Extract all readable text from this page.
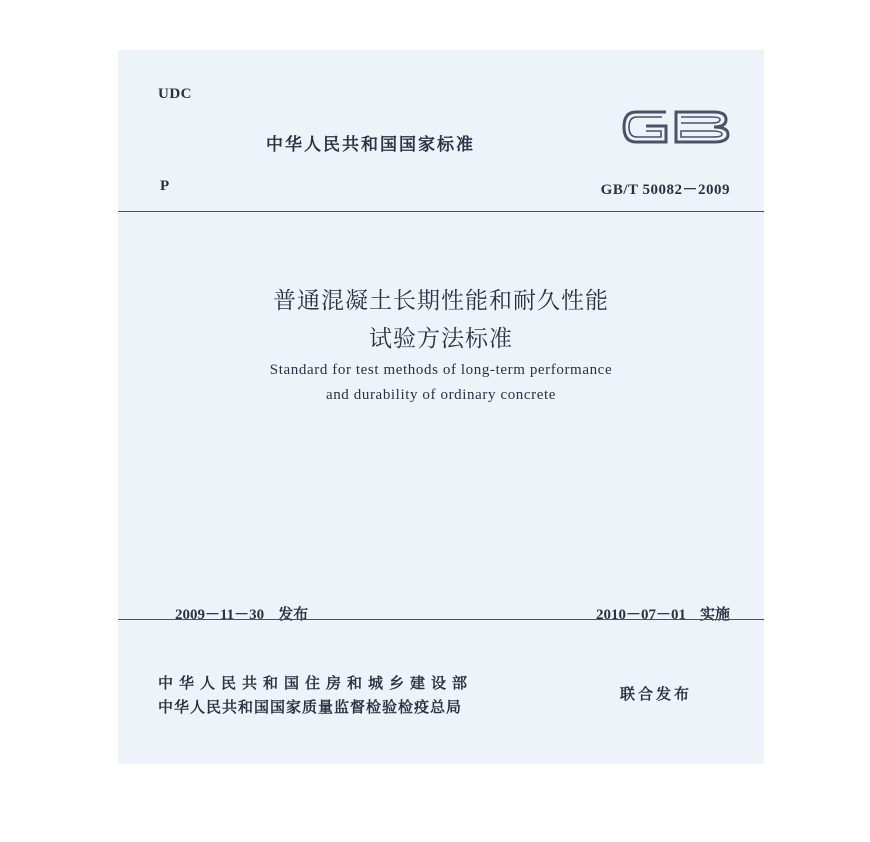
UDC
中华人民共和国国家标准
P	GB/T 50082－2009
普通混凝土长期性能和耐久性能
试验方法标准
Standard for test methods of long-term performance
and durability of ordinary concrete

2009－11－30 发布
	2010－07－01 实施

中华人民共和国住房和城乡建设部
中华人民共和国国家质量监督检验检疫总局
联合发布
